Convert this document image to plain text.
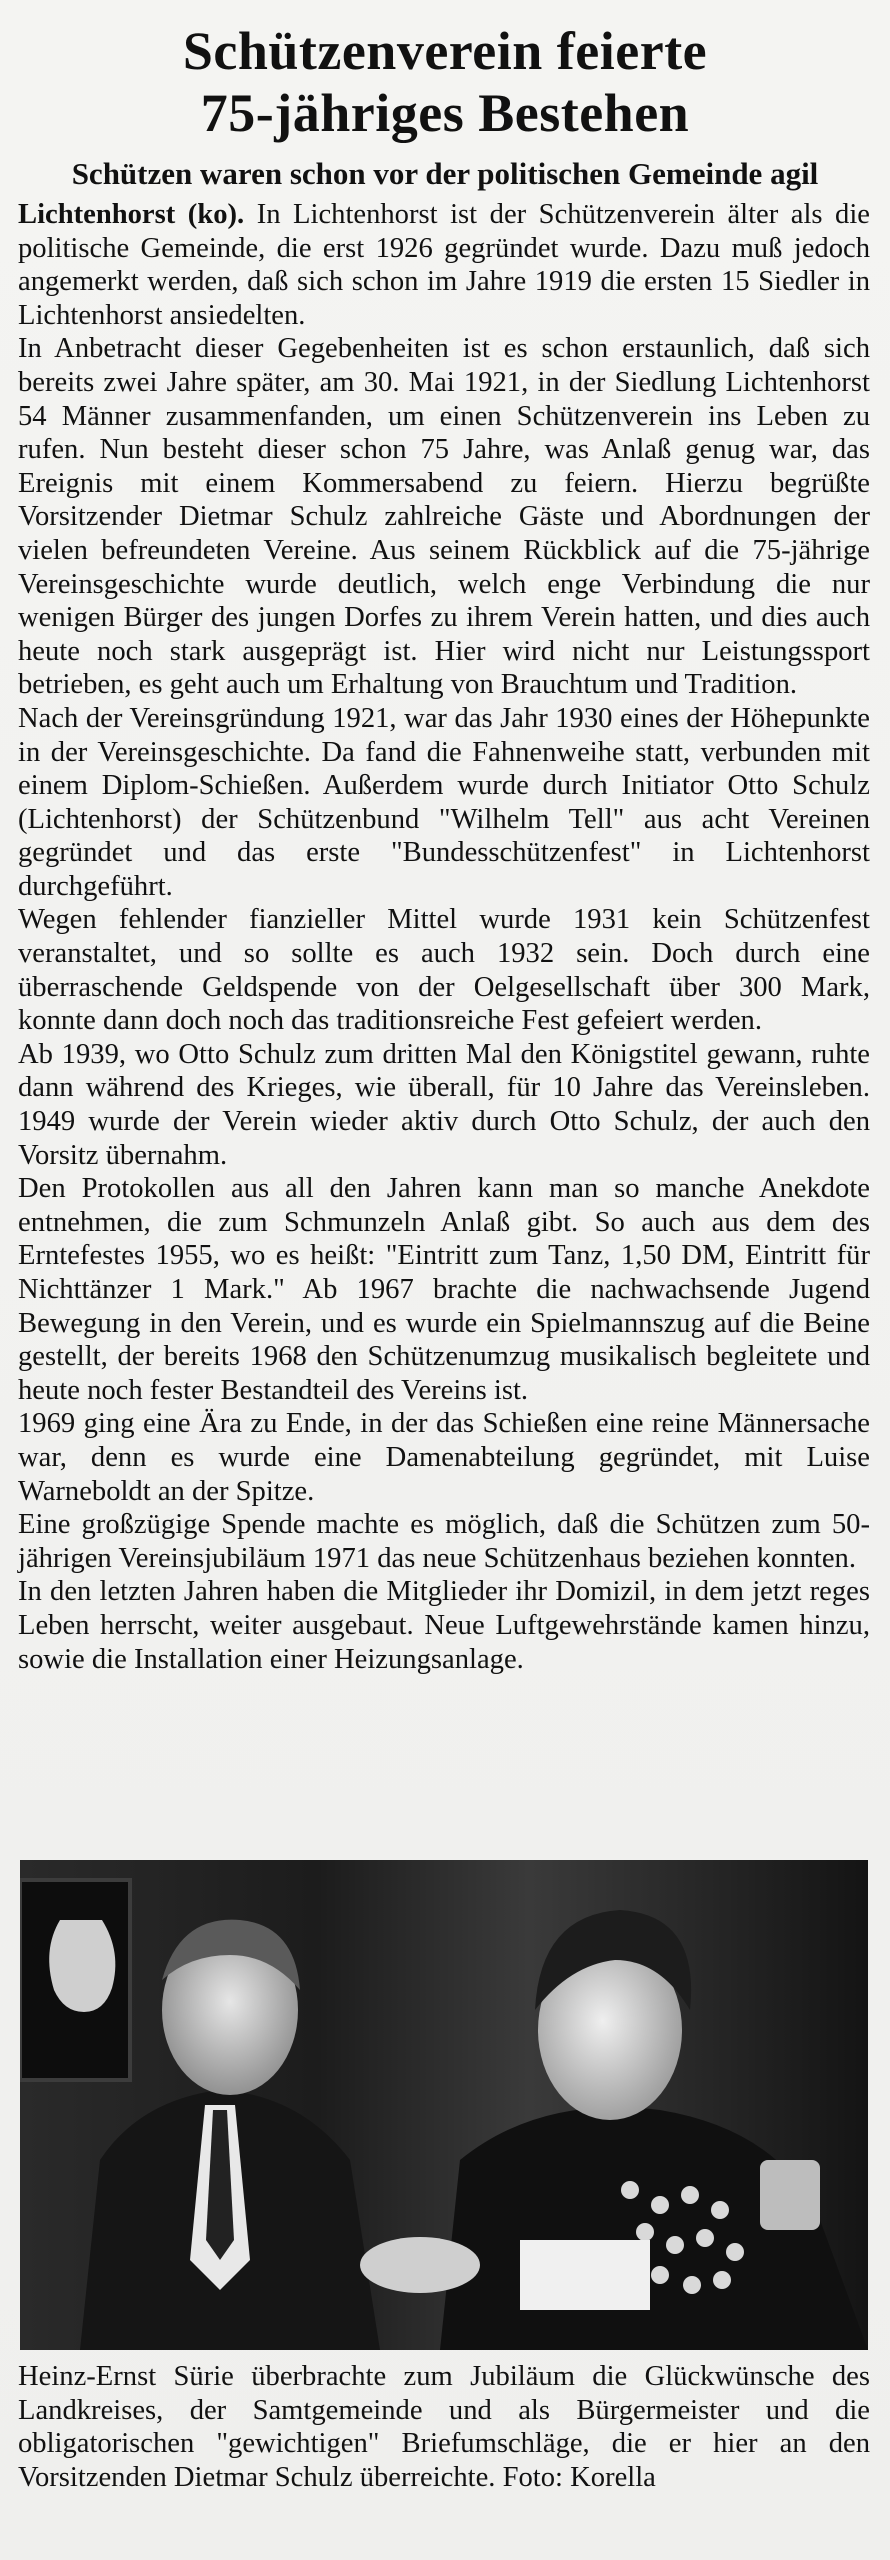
Schützenverein feierte
75-jähriges Bestehen
Schützen waren schon vor der politischen Gemeinde agil

Lichtenhorst (ko). In Lichtenhorst ist der Schützenverein älter als die politische Gemeinde, die erst 1926 gegründet wurde. Dazu muß jedoch angemerkt werden, daß sich schon im Jahre 1919 die ersten 15 Siedler in Lichtenhorst ansiedelten.

In Anbetracht dieser Gegebenheiten ist es schon erstaunlich, daß sich bereits zwei Jahre später, am 30. Mai 1921, in der Siedlung Lichtenhorst 54 Männer zusammenfanden, um einen Schützenverein ins Leben zu rufen. Nun besteht dieser schon 75 Jahre, was Anlaß genug war, das Ereignis mit einem Kommersabend zu feiern. Hierzu begrüßte Vorsitzender Dietmar Schulz zahlreiche Gäste und Abordnungen der vielen befreundeten Vereine. Aus seinem Rückblick auf die 75-jährige Vereinsgeschichte wurde deutlich, welch enge Verbindung die nur wenigen Bürger des jungen Dorfes zu ihrem Verein hatten, und dies auch heute noch stark ausgeprägt ist. Hier wird nicht nur Leistungssport betrieben, es geht auch um Erhaltung von Brauchtum und Tradition.

Nach der Vereinsgründung 1921, war das Jahr 1930 eines der Höhepunkte in der Vereinsgeschichte. Da fand die Fahnenweihe statt, verbunden mit einem Diplom-Schießen. Außerdem wurde durch Initiator Otto Schulz (Lichtenhorst) der Schützenbund "Wilhelm Tell" aus acht Vereinen gegründet und das erste "Bundesschützenfest" in Lichtenhorst durchgeführt.

Wegen fehlender fianzieller Mittel wurde 1931 kein Schützenfest veranstaltet, und so sollte es auch 1932 sein. Doch durch eine überraschende Geldspende von der Oelgesellschaft über 300 Mark, konnte dann doch noch das traditionsreiche Fest gefeiert werden.

Ab 1939, wo Otto Schulz zum dritten Mal den Königstitel gewann, ruhte dann während des Krieges, wie überall, für 10 Jahre das Vereinsleben. 1949 wurde der Verein wieder aktiv durch Otto Schulz, der auch den Vorsitz übernahm.

Den Protokollen aus all den Jahren kann man so manche Anekdote entnehmen, die zum Schmunzeln Anlaß gibt. So auch aus dem des Erntefestes 1955, wo es heißt: "Eintritt zum Tanz, 1,50 DM, Eintritt für Nichttänzer 1 Mark." Ab 1967 brachte die nachwachsende Jugend Bewegung in den Verein, und es wurde ein Spielmannszug auf die Beine gestellt, der bereits 1968 den Schützenumzug musikalisch begleitete und heute noch fester Bestandteil des Vereins ist.

1969 ging eine Ära zu Ende, in der das Schießen eine reine Männersache war, denn es wurde eine Damenabteilung gegründet, mit Luise Warneboldt an der Spitze.

Eine großzügige Spende machte es möglich, daß die Schützen zum 50-jährigen Vereinsjubiläum 1971 das neue Schützenhaus beziehen konnten.

In den letzten Jahren haben die Mitglieder ihr Domizil, in dem jetzt reges Leben herrscht, weiter ausgebaut. Neue Luftgewehrstände kamen hinzu, sowie die Installation einer Heizungsanlage.

Heinz-Ernst Sürie überbrachte zum Jubiläum die Glückwünsche des Landkreises, der Samtgemeinde und als Bürgermeister und die obligatorischen "gewichtigen" Briefumschläge, die er hier an den Vorsitzenden Dietmar Schulz überreichte. Foto: Korella
